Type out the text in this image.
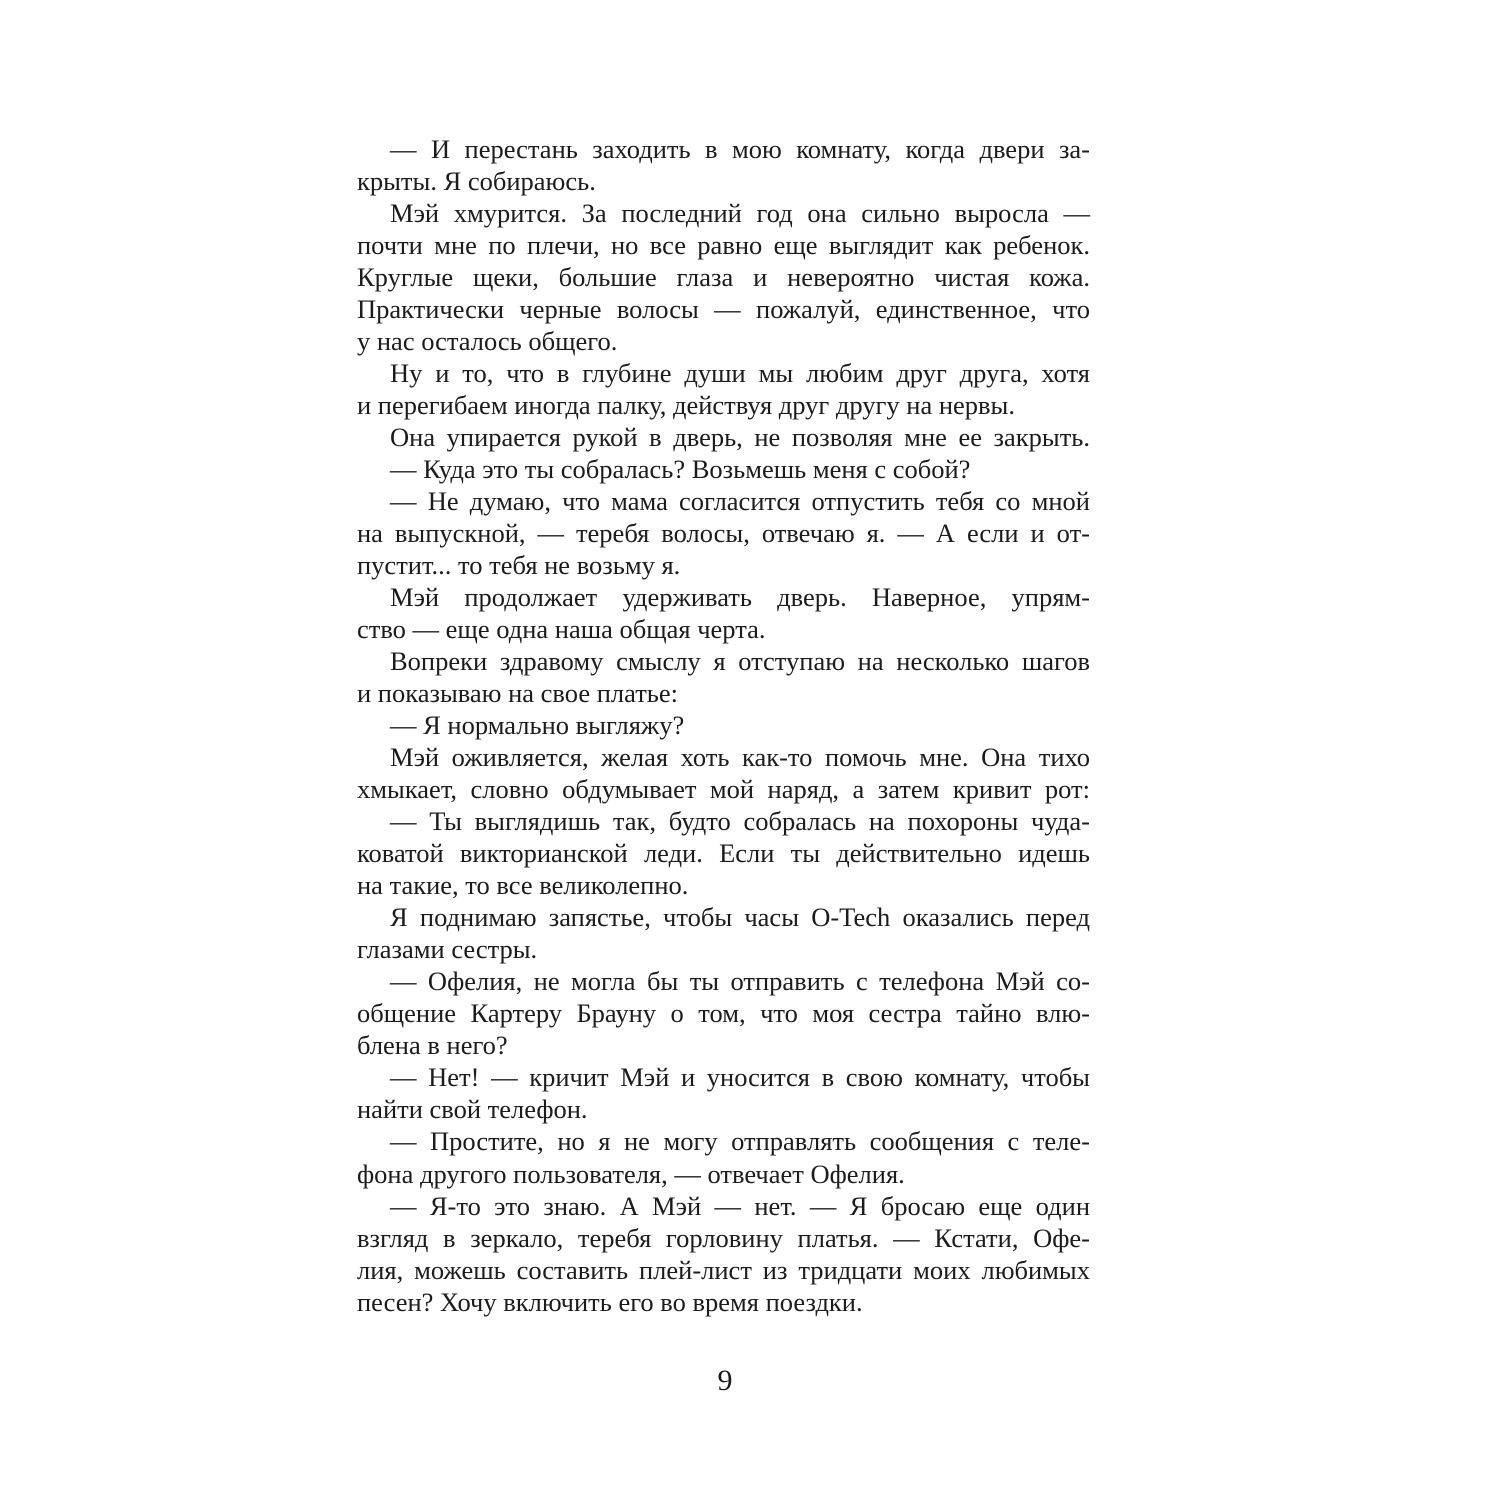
— И перестань заходить в мою комнату, когда двери за-
крыты. Я собираюсь.
Мэй хмурится. За последний год она сильно выросла —
почти мне по плечи, но все равно еще выглядит как ребенок.
Круглые щеки, большие глаза и невероятно чистая кожа.
Практически черные волосы — пожалуй, единственное, что
у нас осталось общего.
Ну и то, что в глубине души мы любим друг друга, хотя
и перегибаем иногда палку, действуя друг другу на нервы.
Она упирается рукой в дверь, не позволяя мне ее закрыть.
— Куда это ты собралась? Возьмешь меня с собой?
— Не думаю, что мама согласится отпустить тебя со мной
на выпускной, — теребя волосы, отвечаю я. — А если и от-
пустит... то тебя не возьму я.
Мэй продолжает удерживать дверь. Наверное, упрям-
ство — еще одна наша общая черта.
Вопреки здравому смыслу я отступаю на несколько шагов
и показываю на свое платье:
— Я нормально выгляжу?
Мэй оживляется, желая хоть как-то помочь мне. Она тихо
хмыкает, словно обдумывает мой наряд, а затем кривит рот:
— Ты выглядишь так, будто собралась на похороны чуда-
коватой викторианской леди. Если ты действительно идешь
на такие, то все великолепно.
Я поднимаю запястье, чтобы часы O-Tech оказались перед
глазами сестры.
— Офелия, не могла бы ты отправить с телефона Мэй со-
общение Картеру Брауну о том, что моя сестра тайно влю-
блена в него?
— Нет! — кричит Мэй и уносится в свою комнату, чтобы
найти свой телефон.
— Простите, но я не могу отправлять сообщения с теле-
фона другого пользователя, — отвечает Офелия.
— Я-то это знаю. А Мэй — нет. — Я бросаю еще один
взгляд в зеркало, теребя горловину платья. — Кстати, Офе-
лия, можешь составить плей-лист из тридцати моих любимых
песен? Хочу включить его во время поездки.
9
